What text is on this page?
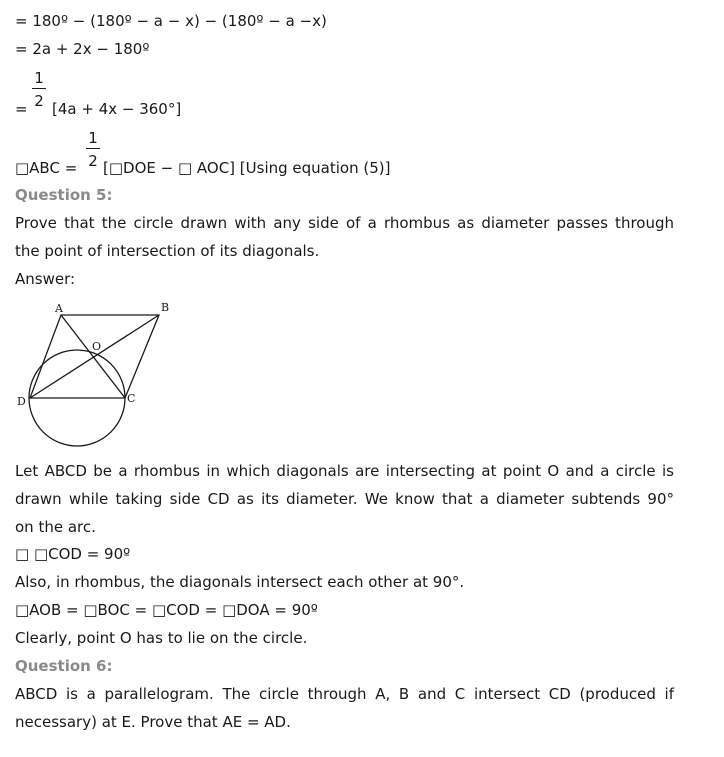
= 180º − (180º − a − x) − (180º − a −x)
= 2a + 2x − 180º
=
1
2 [4a + 4x − 360°]
□ABC =
1
2 [□DOE − □ AOC] [Using equation (5)]
Question 5:
Prove that the circle drawn with any side of a rhombus as diameter passes through
the point of intersection of its diagonals.
Answer:
A	B
C
D
O
Let ABCD be a rhombus in which diagonals are intersecting at point O and a circle is
drawn while taking side CD as its diameter. We know that a diameter subtends 90°
on the arc.
□ □COD = 90º
Also, in rhombus, the diagonals intersect each other at 90°.
□AOB = □BOC = □COD = □DOA = 90º
Clearly, point O has to lie on the circle.
Question 6:
ABCD is a parallelogram. The circle through A, B and C intersect CD (produced if
necessary) at E. Prove that AE = AD.
